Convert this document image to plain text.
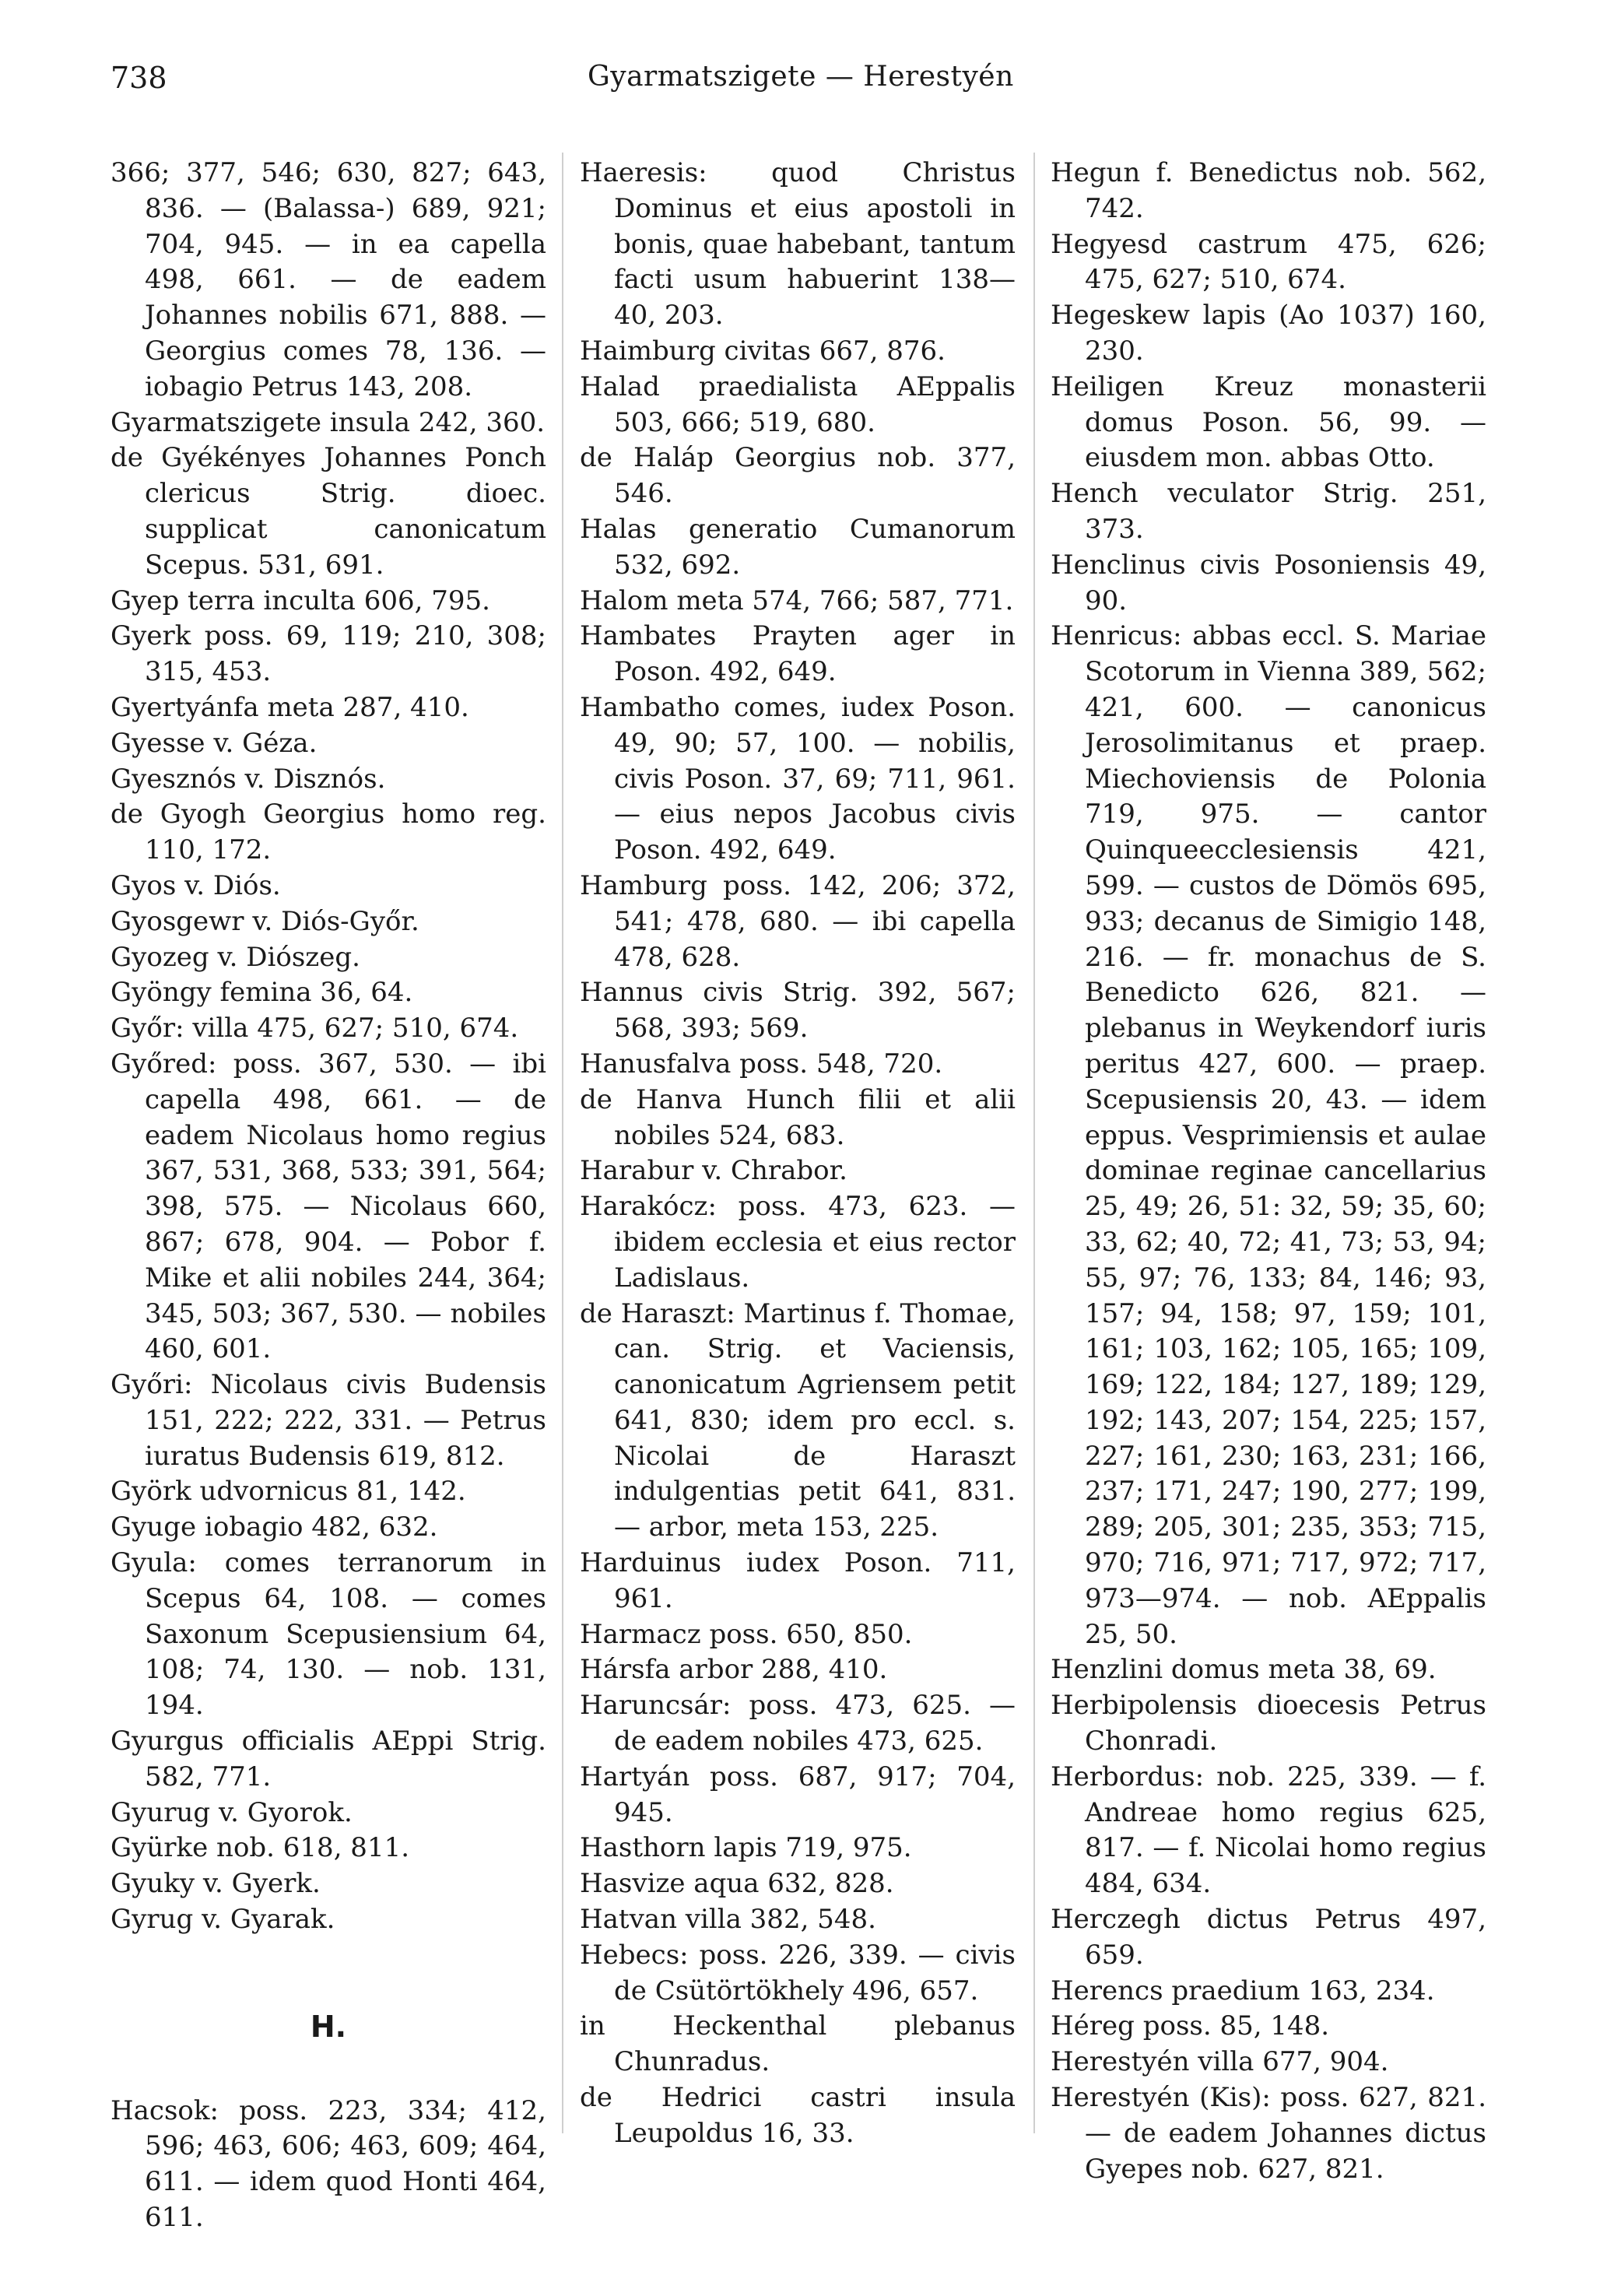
738	Gyarmatszigete — Herestyén

366; 377, 546; 630, 827; 643, 836. — (Balassa-) 689, 921; 704, 945. — in ea capella 498, 661. — de eadem Johannes nobilis 671, 888. — Georgius comes 78, 136. — iobagio Petrus 143, 208.

Gyarmatszigete insula 242, 360.

de Gyékényes Johannes Ponch clericus Strig. dioec. supplicat canonicatum Scepus. 531, 691.

Gyep terra inculta 606, 795.

Gyerk poss. 69, 119; 210, 308; 315, 453.

Gyertyánfa meta 287, 410.

Gyesse v. Géza.

Gyesznós v. Disznós.

de Gyogh Georgius homo reg. 110, 172.

Gyos v. Diós.

Gyosgewr v. Diós-Győr.

Gyozeg v. Diószeg.

Gyöngy femina 36, 64.

Győr: villa 475, 627; 510, 674.

Győred: poss. 367, 530. — ibi capella 498, 661. — de eadem Nicolaus homo regius 367, 531, 368, 533; 391, 564; 398, 575. — Nicolaus 660, 867; 678, 904. — Pobor f. Mike et alii nobiles 244, 364; 345, 503; 367, 530. — nobiles 460, 601.

Győri: Nicolaus civis Budensis 151, 222; 222, 331. — Petrus iuratus Budensis 619, 812.

Györk udvornicus 81, 142.

Gyuge iobagio 482, 632.

Gyula: comes terranorum in Scepus 64, 108. — comes Saxonum Scepusiensium 64, 108; 74, 130. — nob. 131, 194.

Gyurgus officialis AEppi Strig. 582, 771.

Gyurug v. Gyorok.

Gyürke nob. 618, 811.

Gyuky v. Gyerk.

Gyrug v. Gyarak.

H.

Hacsok: poss. 223, 334; 412, 596; 463, 606; 463, 609; 464, 611. — idem quod Honti 464, 611.

Haeresis: quod Christus Dominus et eius apostoli in bonis, quae habebant, tantum facti usum habuerint 138—40, 203.

Haimburg civitas 667, 876.

Halad praedialista AEppalis 503, 666; 519, 680.

de Haláp Georgius nob. 377, 546.

Halas generatio Cumanorum 532, 692.

Halom meta 574, 766; 587, 771.

Hambates Prayten ager in Poson. 492, 649.

Hambatho comes, iudex Poson. 49, 90; 57, 100. — nobilis, civis Poson. 37, 69; 711, 961. — eius nepos Jacobus civis Poson. 492, 649.

Hamburg poss. 142, 206; 372, 541; 478, 680. — ibi capella 478, 628.

Hannus civis Strig. 392, 567; 568, 393; 569.

Hanusfalva poss. 548, 720.

de Hanva Hunch filii et alii nobiles 524, 683.

Harabur v. Chrabor.

Harakócz: poss. 473, 623. — ibidem ecclesia et eius rector Ladislaus.

de Haraszt: Martinus f. Thomae, can. Strig. et Vaciensis, canonicatum Agriensem petit 641, 830; idem pro eccl. s. Nicolai de Haraszt indulgentias petit 641, 831. — arbor, meta 153, 225.

Harduinus iudex Poson. 711, 961.

Harmacz poss. 650, 850.

Hársfa arbor 288, 410.

Haruncsár: poss. 473, 625. — de eadem nobiles 473, 625.

Hartyán poss. 687, 917; 704, 945.

Hasthorn lapis 719, 975.

Hasvize aqua 632, 828.

Hatvan villa 382, 548.

Hebecs: poss. 226, 339. — civis de Csütörtökhely 496, 657.

in Heckenthal plebanus Chunradus.

de Hedrici castri insula Leupoldus 16, 33.

Hegun f. Benedictus nob. 562, 742.

Hegyesd castrum 475, 626; 475, 627; 510, 674.

Hegeskew lapis (Ao 1037) 160, 230.

Heiligen Kreuz monasterii domus Poson. 56, 99. — eiusdem mon. abbas Otto.

Hench veculator Strig. 251, 373.

Henclinus civis Posoniensis 49, 90.

Henricus: abbas eccl. S. Mariae Scotorum in Vienna 389, 562; 421, 600. — canonicus Jerosolimitanus et praep. Miechoviensis de Polonia 719, 975. — cantor Quinqueecclesiensis 421, 599. — custos de Dömös 695, 933; decanus de Simigio 148, 216. — fr. monachus de S. Benedicto 626, 821. — plebanus in Weykendorf iuris peritus 427, 600. — praep. Scepusiensis 20, 43. — idem eppus. Vesprimiensis et aulae dominae reginae cancellarius 25, 49; 26, 51: 32, 59; 35, 60; 33, 62; 40, 72; 41, 73; 53, 94; 55, 97; 76, 133; 84, 146; 93, 157; 94, 158; 97, 159; 101, 161; 103, 162; 105, 165; 109, 169; 122, 184; 127, 189; 129, 192; 143, 207; 154, 225; 157, 227; 161, 230; 163, 231; 166, 237; 171, 247; 190, 277; 199, 289; 205, 301; 235, 353; 715, 970; 716, 971; 717, 972; 717, 973—974. — nob. AEppalis 25, 50.

Henzlini domus meta 38, 69.

Herbipolensis dioecesis Petrus Chonradi.

Herbordus: nob. 225, 339. — f. Andreae homo regius 625, 817. — f. Nicolai homo regius 484, 634.

Herczegh dictus Petrus 497, 659.

Herencs praedium 163, 234.

Héreg poss. 85, 148.

Herestyén villa 677, 904.

Herestyén (Kis): poss. 627, 821. — de eadem Johannes dictus Gyepes nob. 627, 821.
